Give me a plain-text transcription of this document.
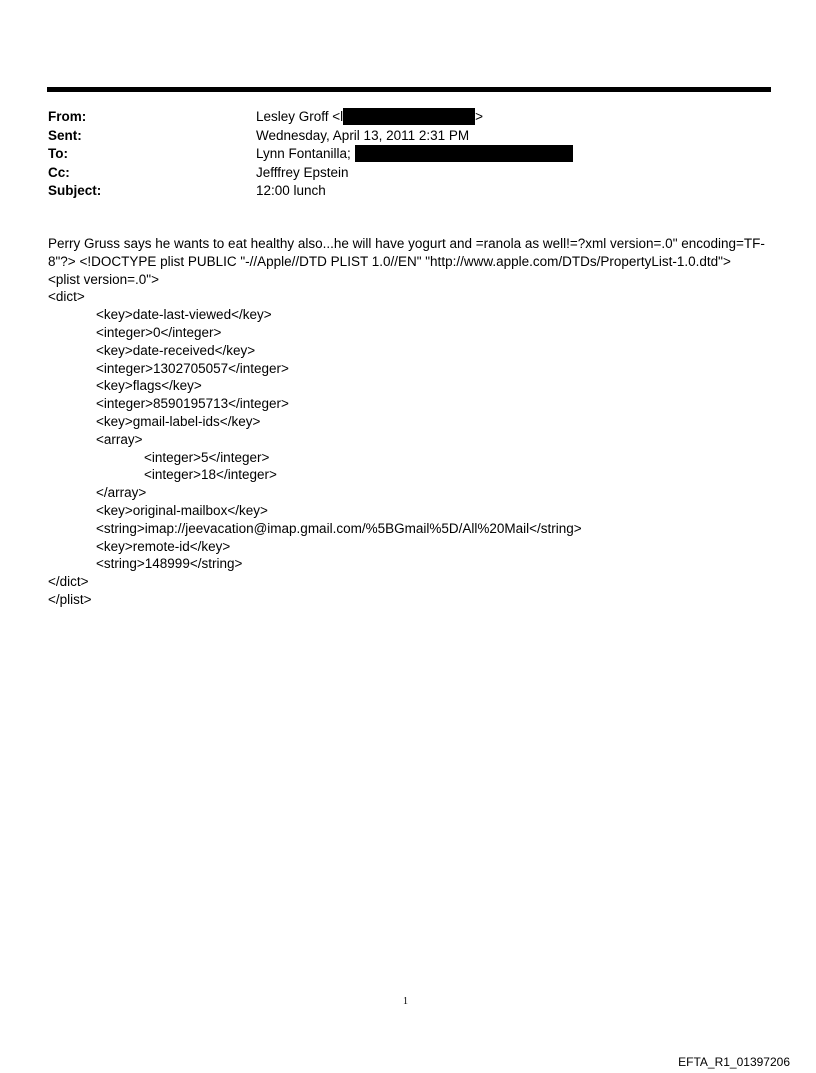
From:	Lesley Groff <l	>
Sent:	Wednesday, April 13, 2011 2:31 PM
To:	Lynn Fontanilla;
Cc:	Jefffrey Epstein
Subject:	12:00 lunch

Perry Gruss says he wants to eat healthy also...he will have yogurt and =ranola as well!=?xml version=.0" encoding=TF-8"?> <!DOCTYPE plist PUBLIC "-//Apple//DTD PLIST 1.0//EN" "http://www.apple.com/DTDs/PropertyList-1.0.dtd">

<plist version=.0">

<dict>

<key>date-last-viewed</key>

<integer>0</integer>

<key>date-received</key>

<integer>1302705057</integer>

<key>flags</key>

<integer>8590195713</integer>

<key>gmail-label-ids</key>

<array>

<integer>5</integer>

<integer>18</integer>

</array>

<key>original-mailbox</key>

<string>imap://jeevacation@imap.gmail.com/%5BGmail%5D/All%20Mail</string>

<key>remote-id</key>

<string>148999</string>

</dict>

</plist>

1
EFTA_R1_01397206
